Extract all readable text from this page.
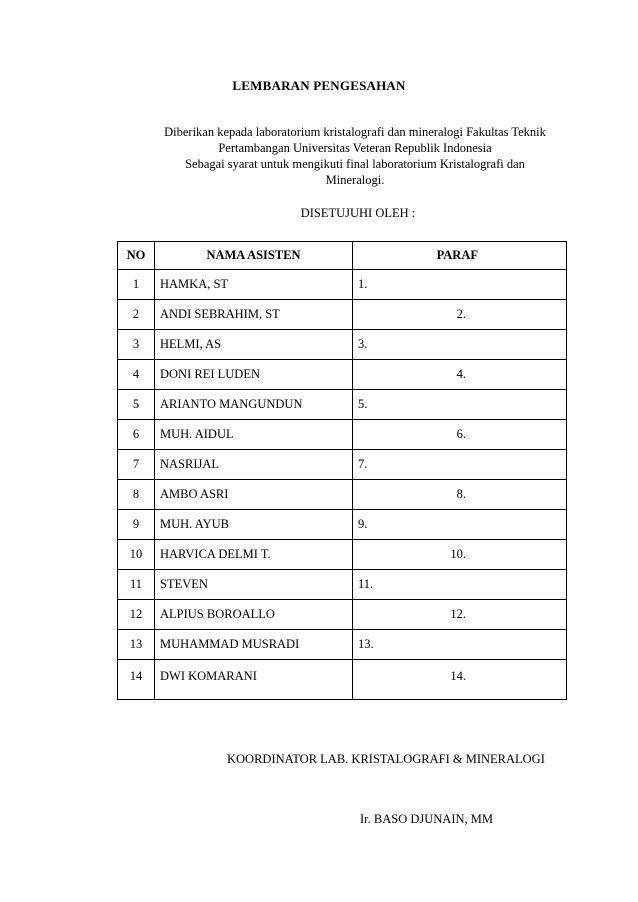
LEMBARAN PENGESAHAN
Diberikan kepada laboratorium kristalografi dan mineralogi Fakultas Teknik
Pertambangan Universitas Veteran Republik Indonesia
Sebagai syarat untuk mengikuti final laboratorium Kristalografi dan
Mineralogi.
DISETUJUHI OLEH :
NO	NAMA ASISTEN	PARAF
1	HAMKA, ST	1.
2	ANDI SEBRAHIM, ST	2.
3	HELMI, AS	3.
4	DONI REI LUDEN	4.
5	ARIANTO MANGUNDUN	5.
6	MUH. AIDUL	6.
7	NASRIJAL	7.
8	AMBO ASRI	8.
9	MUH. AYUB	9.
10	HARVICA DELMI T.	10.
11	STEVEN	11.
12	ALPIUS BOROALLO	12.
13	MUHAMMAD MUSRADI	13.
14	DWI KOMARANI	14.
KOORDINATOR LAB. KRISTALOGRAFI & MINERALOGI
Ir. BASO DJUNAIN, MM
